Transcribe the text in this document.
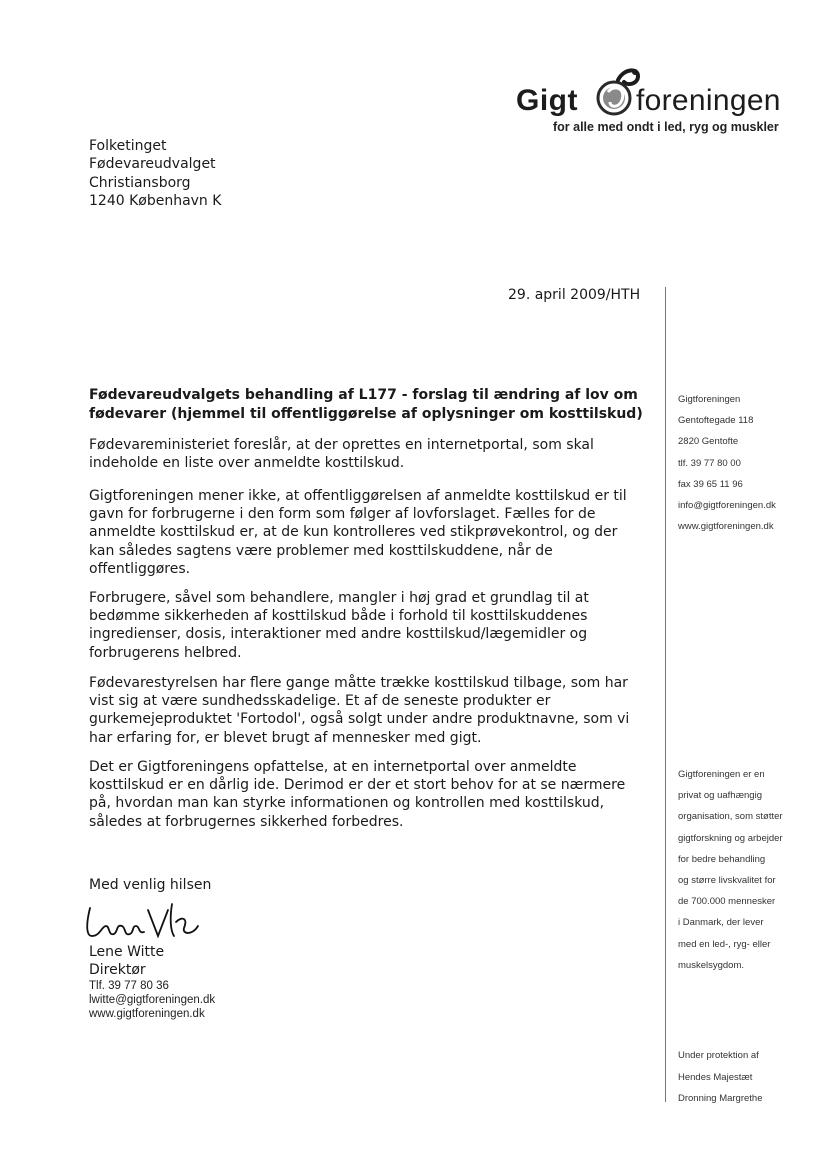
Gigt foreningen
for alle med ondt i led, ryg og muskler
Folketinget
Fødevareudvalget
Christiansborg
1240 København K
29. april 2009/HTH
Gigtforeningen
Gentoftegade 118
2820 Gentofte
tlf. 39 77 80 00
fax 39 65 11 96
info@gigtforeningen.dk
www.gigtforeningen.dk
Fødevareudvalgets behandling af L177 - forslag til ændring af lov om
fødevarer (hjemmel til offentliggørelse af oplysninger om kosttilskud)
Fødevareministeriet foreslår, at der oprettes en internetportal, som skal
indeholde en liste over anmeldte kosttilskud.
Gigtforeningen mener ikke, at offentliggørelsen af anmeldte kosttilskud er til
gavn for forbrugerne i den form som følger af lovforslaget. Fælles for de
anmeldte kosttilskud er, at de kun kontrolleres ved stikprøvekontrol, og der
kan således sagtens være problemer med kosttilskuddene, når de
offentliggøres.
Forbrugere, såvel som behandlere, mangler i høj grad et grundlag til at
bedømme sikkerheden af kosttilskud både i forhold til kosttilskuddenes
ingredienser, dosis, interaktioner med andre kosttilskud/lægemidler og
forbrugerens helbred.
Fødevarestyrelsen har flere gange måtte trække kosttilskud tilbage, som har
vist sig at være sundhedsskadelige. Et af de seneste produkter er
gurkemejeproduktet 'Fortodol', også solgt under andre produktnavne, som vi
har erfaring for, er blevet brugt af mennesker med gigt.
Det er Gigtforeningens opfattelse, at en internetportal over anmeldte
kosttilskud er en dårlig ide. Derimod er der et stort behov for at se nærmere
på, hvordan man kan styrke informationen og kontrollen med kosttilskud,
således at forbrugernes sikkerhed forbedres.
Gigtforeningen er en
privat og uafhængig
organisation, som støtter
gigtforskning og arbejder
for bedre behandling
og større livskvalitet for
de 700.000 mennesker
i Danmark, der lever
med en led-, ryg- eller
muskelsygdom.
Med venlig hilsen
Lene Witte
Direktør
Tlf. 39 77 80 36
lwitte@gigtforeningen.dk
www.gigtforeningen.dk
Under protektion af
Hendes Majestæt
Dronning Margrethe
